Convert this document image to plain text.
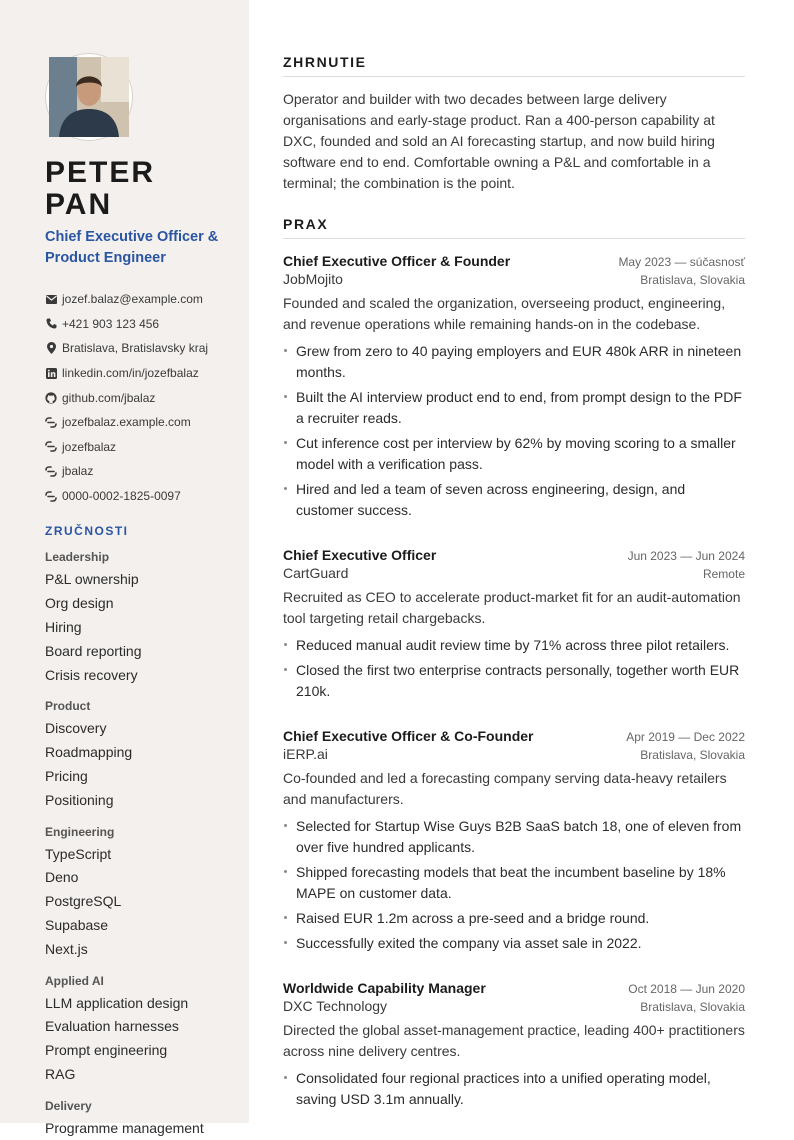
PETER
PAN
Chief Executive Officer & Product Engineer
jozef.balaz@example.com
+421 903 123 456
Bratislava, Bratislavsky kraj
linkedin.com/in/jozefbalaz
github.com/jbalaz
jozefbalaz.example.com
jozefbalaz
jbalaz
0000-0002-1825-0097
ZRUČNOSTI
Leadership
P&L ownership
Org design
Hiring
Board reporting
Crisis recovery
Product
Discovery
Roadmapping
Pricing
Positioning
Engineering
TypeScript
Deno
PostgreSQL
Supabase
Next.js
Applied AI
LLM application design
Evaluation harnesses
Prompt engineering
RAG
Delivery
Programme management
ZHRNUTIE

Operator and builder with two decades between large delivery organisations and early-stage product. Ran a 400-person capability at DXC, founded and sold an AI forecasting startup, and now build hiring software end to end. Comfortable owning a P&L and comfortable in a terminal; the combination is the point.

PRAX
Chief Executive Officer & Founder	May 2023 — súčasnosť
JobMojito	Bratislava, Slovakia

Founded and scaled the organization, overseeing product, engineering, and revenue operations while remaining hands-on in the codebase.

Grew from zero to 40 paying employers and EUR 480k ARR in nineteen months.
Built the AI interview product end to end, from prompt design to the PDF a recruiter reads.
Cut inference cost per interview by 62% by moving scoring to a smaller model with a verification pass.
Hired and led a team of seven across engineering, design, and customer success.
Chief Executive Officer	Jun 2023 — Jun 2024
CartGuard	Remote

Recruited as CEO to accelerate product-market fit for an audit-automation tool targeting retail chargebacks.

Reduced manual audit review time by 71% across three pilot retailers.
Closed the first two enterprise contracts personally, together worth EUR 210k.
Chief Executive Officer & Co-Founder	Apr 2019 — Dec 2022
iERP.ai	Bratislava, Slovakia

Co-founded and led a forecasting company serving data-heavy retailers and manufacturers.

Selected for Startup Wise Guys B2B SaaS batch 18, one of eleven from over five hundred applicants.
Shipped forecasting models that beat the incumbent baseline by 18% MAPE on customer data.
Raised EUR 1.2m across a pre-seed and a bridge round.
Successfully exited the company via asset sale in 2022.
Worldwide Capability Manager	Oct 2018 — Jun 2020
DXC Technology	Bratislava, Slovakia

Directed the global asset-management practice, leading 400+ practitioners across nine delivery centres.

Consolidated four regional practices into a unified operating model, saving USD 3.1m annually.
